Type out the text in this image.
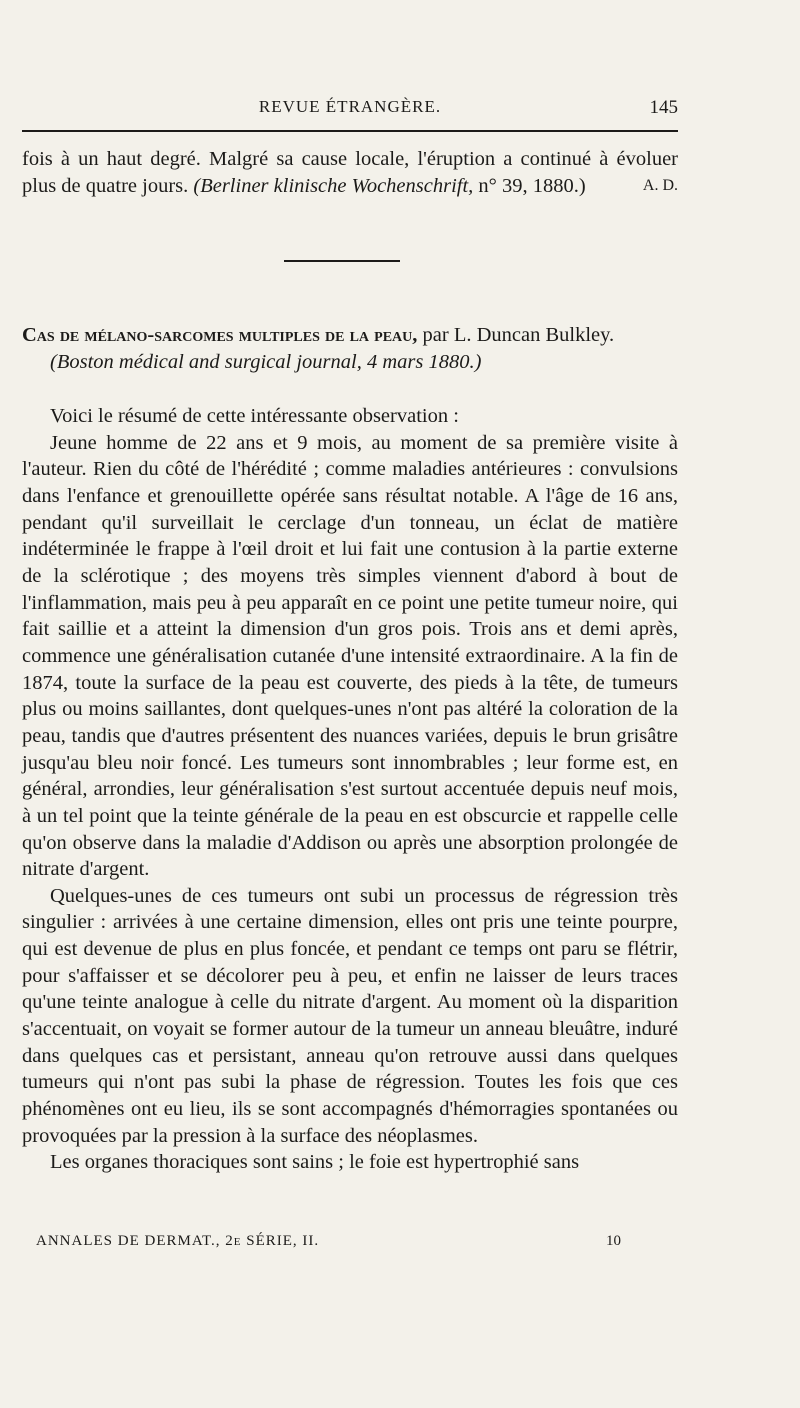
REVUE ÉTRANGÈRE.	145

fois à un haut degré. Malgré sa cause locale, l'éruption a continué à évoluer plus de quatre jours. (Berliner klinische Wochenschrift, n° 39, 1880.)	A. D.

Cas de mélano-sarcomes multiples de la peau, par L. Duncan Bulkley.
(Boston médical and surgical journal, 4 mars 1880.)

Voici le résumé de cette intéressante observation :

Jeune homme de 22 ans et 9 mois, au moment de sa première visite à l'auteur. Rien du côté de l'hérédité ; comme maladies antérieures : convulsions dans l'enfance et grenouillette opérée sans résultat notable. A l'âge de 16 ans, pendant qu'il surveillait le cerclage d'un tonneau, un éclat de matière indéterminée le frappe à l'œil droit et lui fait une contusion à la partie externe de la sclérotique ; des moyens très simples viennent d'abord à bout de l'inflammation, mais peu à peu apparaît en ce point une petite tumeur noire, qui fait saillie et a atteint la dimension d'un gros pois. Trois ans et demi après, commence une généralisation cutanée d'une intensité extraordinaire. A la fin de 1874, toute la surface de la peau est couverte, des pieds à la tête, de tumeurs plus ou moins saillantes, dont quelques-unes n'ont pas altéré la coloration de la peau, tandis que d'autres présentent des nuances variées, depuis le brun grisâtre jusqu'au bleu noir foncé. Les tumeurs sont innombrables ; leur forme est, en général, arrondies, leur généralisation s'est surtout accentuée depuis neuf mois, à un tel point que la teinte générale de la peau en est obscurcie et rappelle celle qu'on observe dans la maladie d'Addison ou après une absorption prolongée de nitrate d'argent.

Quelques-unes de ces tumeurs ont subi un processus de régression très singulier : arrivées à une certaine dimension, elles ont pris une teinte pourpre, qui est devenue de plus en plus foncée, et pendant ce temps ont paru se flétrir, pour s'affaisser et se décolorer peu à peu, et enfin ne laisser de leurs traces qu'une teinte analogue à celle du nitrate d'argent. Au moment où la disparition s'accentuait, on voyait se former autour de la tumeur un anneau bleuâtre, induré dans quelques cas et persistant, anneau qu'on retrouve aussi dans quelques tumeurs qui n'ont pas subi la phase de régression. Toutes les fois que ces phénomènes ont eu lieu, ils se sont accompagnés d'hémorragies spontanées ou provoquées par la pression à la surface des néoplasmes.

Les organes thoraciques sont sains ; le foie est hypertrophié sans

ANNALES DE DERMAT., 2e SÉRIE, II.	10
